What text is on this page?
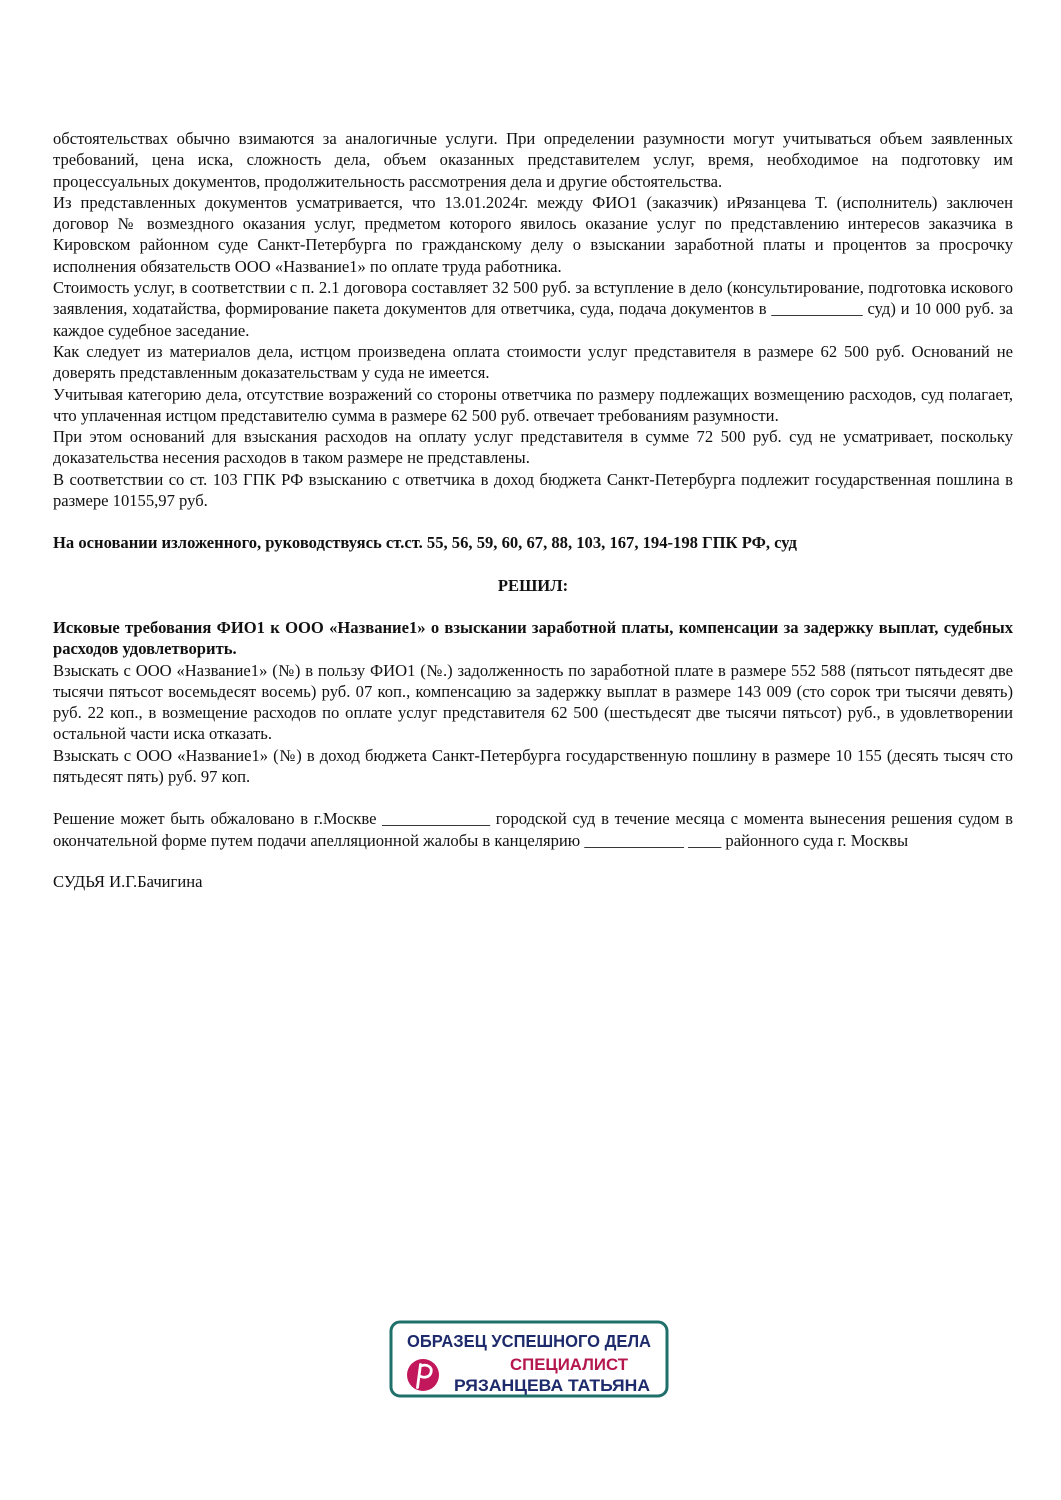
обстоятельствах обычно взимаются за аналогичные услуги. При определении разумности могут учитываться объем заявленных требований, цена иска, сложность дела, объем оказанных представителем услуг, время, необходимое на подготовку им процессуальных документов, продолжительность рассмотрения дела и другие обстоятельства.

Из представленных документов усматривается, что 13.01.2024г. между ФИО1 (заказчик) иРязанцева Т. (исполнитель) заключен договор № возмездного оказания услуг, предметом которого явилось оказание услуг по представлению интересов заказчика в Кировском районном суде Санкт-Петербурга по гражданскому делу о взыскании заработной платы и процентов за просрочку исполнения обязательств ООО «Название1» по оплате труда работника.

Стоимость услуг, в соответствии с п. 2.1 договора составляет 32 500 руб. за вступление в дело (консультирование, подготовка искового заявления, ходатайства, формирование пакета документов для ответчика, суда, подача документов в ___________ суд) и 10 000 руб. за каждое судебное заседание.

Как следует из материалов дела, истцом произведена оплата стоимости услуг представителя в размере 62 500 руб. Оснований не доверять представленным доказательствам у суда не имеется.

Учитывая категорию дела, отсутствие возражений со стороны ответчика по размеру подлежащих возмещению расходов, суд полагает, что уплаченная истцом представителю сумма в размере 62 500 руб. отвечает требованиям разумности.

При этом оснований для взыскания расходов на оплату услуг представителя в сумме 72 500 руб. суд не усматривает, поскольку доказательства несения расходов в таком размере не представлены.

В соответствии со ст. 103 ГПК РФ взысканию с ответчика в доход бюджета Санкт-Петербурга подлежит государственная пошлина в размере 10155,97 руб.

На основании изложенного, руководствуясь ст.ст. 55, 56, 59, 60, 67, 88, 103, 167, 194-198 ГПК РФ, суд

РЕШИЛ:

Исковые требования ФИО1 к ООО «Название1» о взыскании заработной платы, компенсации за задержку выплат, судебных расходов удовлетворить.

Взыскать с ООО «Название1» (№) в пользу ФИО1 (№.) задолженность по заработной плате в размере 552 588 (пятьсот пятьдесят две тысячи пятьсот восемьдесят восемь) руб. 07 коп., компенсацию за задержку выплат в размере 143 009 (сто сорок три тысячи девять) руб. 22 коп., в возмещение расходов по оплате услуг представителя 62 500 (шестьдесят две тысячи пятьсот) руб., в удовлетворении остальной части иска отказать.

Взыскать с ООО «Название1» (№) в доход бюджета Санкт-Петербурга государственную пошлину в размере 10 155 (десять тысяч сто пятьдесят пять) руб. 97 коп.

Решение может быть обжаловано в г.Москве _____________ городской суд в течение месяца с момента вынесения решения судом в окончательной форме путем подачи апелляционной жалобы в канцелярию ____________ ____ районного суда г. Москвы

СУДЬЯ И.Г.Бачигина

ОБРАЗЕЦ УСПЕШНОГО ДЕЛА
СПЕЦИАЛИСТ
РЯЗАНЦЕВА ТАТЬЯНА
